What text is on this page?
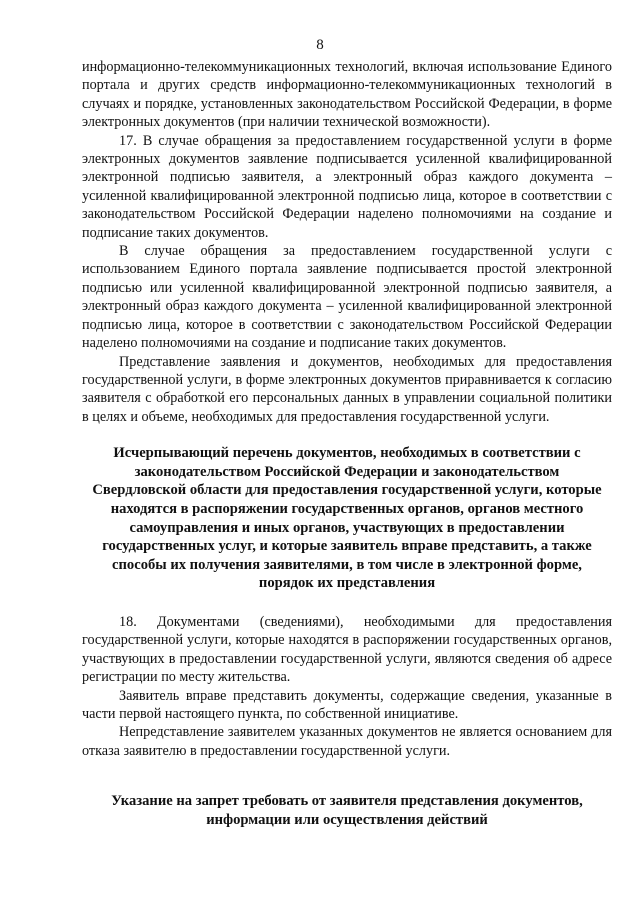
8

информационно-телекоммуникационных технологий, включая использование Единого портала и других средств информационно-телекоммуникационных технологий в случаях и порядке, установленных законодательством Российской Федерации, в форме электронных документов (при наличии технической возможности).

17. В случае обращения за предоставлением государственной услуги в форме электронных документов заявление подписывается усиленной квалифицированной электронной подписью заявителя, а электронный образ каждого документа – усиленной квалифицированной электронной подписью лица, которое в соответствии с законодательством Российской Федерации наделено полномочиями на создание и подписание таких документов.

В случае обращения за предоставлением государственной услуги с использованием Единого портала заявление подписывается простой электронной подписью или усиленной квалифицированной электронной подписью заявителя, а электронный образ каждого документа – усиленной квалифицированной электронной подписью лица, которое в соответствии с законодательством Российской Федерации наделено полномочиями на создание и подписание таких документов.

Представление заявления и документов, необходимых для предоставления государственной услуги, в форме электронных документов приравнивается к согласию заявителя с обработкой его персональных данных в управлении социальной политики в целях и объеме, необходимых для предоставления государственной услуги.

Исчерпывающий перечень документов, необходимых в соответствии с законодательством Российской Федерации и законодательством Свердловской области для предоставления государственной услуги, которые находятся в распоряжении государственных органов, органов местного самоуправления и иных органов, участвующих в предоставлении государственных услуг, и которые заявитель вправе представить, а также способы их получения заявителями, в том числе в электронной форме, порядок их представления

18. Документами (сведениями), необходимыми для предоставления государственной услуги, которые находятся в распоряжении государственных органов, участвующих в предоставлении государственной услуги, являются сведения об адресе регистрации по месту жительства.

Заявитель вправе представить документы, содержащие сведения, указанные в части первой настоящего пункта, по собственной инициативе.

Непредставление заявителем указанных документов не является основанием для отказа заявителю в предоставлении государственной услуги.

Указание на запрет требовать от заявителя представления документов, информации или осуществления действий
